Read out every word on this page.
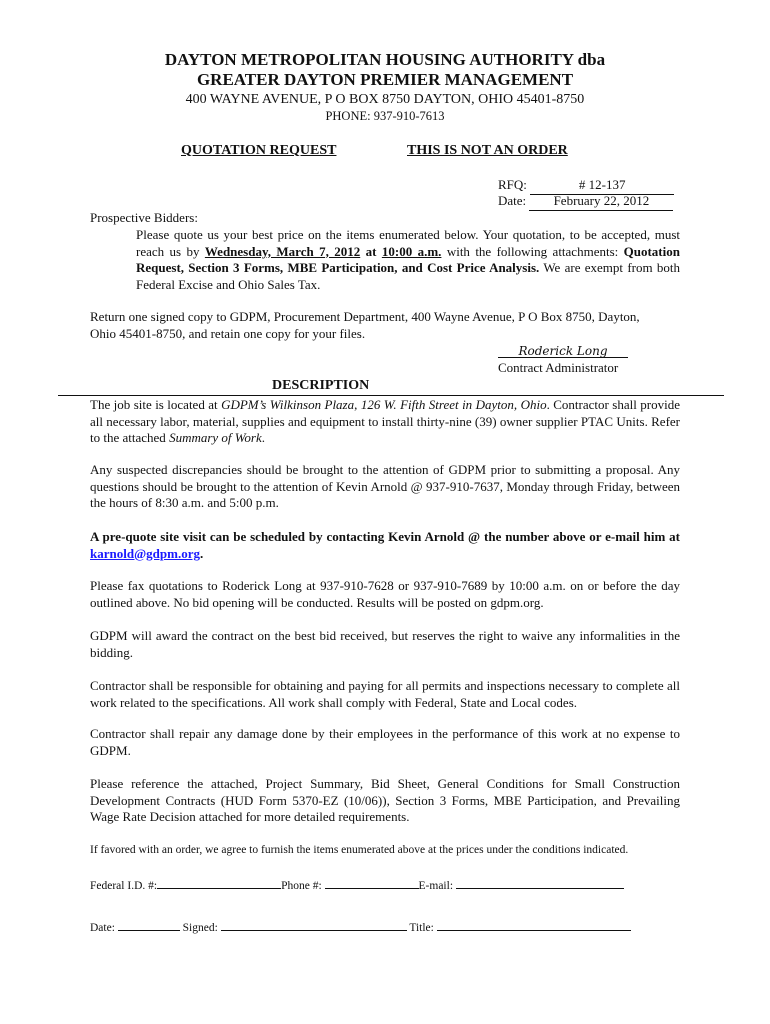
DAYTON METROPOLITAN HOUSING AUTHORITY dba
GREATER DAYTON PREMIER MANAGEMENT
400 WAYNE AVENUE, P O BOX 8750 DAYTON, OHIO 45401-8750
PHONE: 937-910-7613
QUOTATION REQUEST	THIS IS NOT AN ORDER
RFQ:	# 12-137
Date: February 22, 2012
Prospective Bidders:
Please quote us your best price on the items enumerated below. Your quotation, to be accepted, must reach us by Wednesday, March 7, 2012 at 10:00 a.m. with the following attachments: Quotation Request, Section 3 Forms, MBE Participation, and Cost Price Analysis. We are exempt from both Federal Excise and Ohio Sales Tax.
Return one signed copy to GDPM, Procurement Department, 400 Wayne Avenue, P O Box 8750, Dayton, Ohio 45401-8750, and retain one copy for your files.
Roderick Long
Contract Administrator
DESCRIPTION
The job site is located at GDPM’s Wilkinson Plaza, 126 W. Fifth Street in Dayton, Ohio. Contractor shall provide all necessary labor, material, supplies and equipment to install thirty-nine (39) owner supplier PTAC Units. Refer to the attached Summary of Work.
Any suspected discrepancies should be brought to the attention of GDPM prior to submitting a proposal. Any questions should be brought to the attention of Kevin Arnold @ 937-910-7637, Monday through Friday, between the hours of 8:30 a.m. and 5:00 p.m.
A pre-quote site visit can be scheduled by contacting Kevin Arnold @ the number above or e-mail him at karnold@gdpm.org.
Please fax quotations to Roderick Long at 937-910-7628 or 937-910-7689 by 10:00 a.m. on or before the day outlined above. No bid opening will be conducted. Results will be posted on gdpm.org.
GDPM will award the contract on the best bid received, but reserves the right to waive any informalities in the bidding.
Contractor shall be responsible for obtaining and paying for all permits and inspections necessary to complete all work related to the specifications. All work shall comply with Federal, State and Local codes.
Contractor shall repair any damage done by their employees in the performance of this work at no expense to GDPM.
Please reference the attached, Project Summary, Bid Sheet, General Conditions for Small Construction Development Contracts (HUD Form 5370-EZ (10/06)), Section 3 Forms, MBE Participation, and Prevailing Wage Rate Decision attached for more detailed requirements.
If favored with an order, we agree to furnish the items enumerated above at the prices under the conditions indicated.
Federal I.D. #:	Phone #:	E-mail:
Date:	Signed:	Title:
